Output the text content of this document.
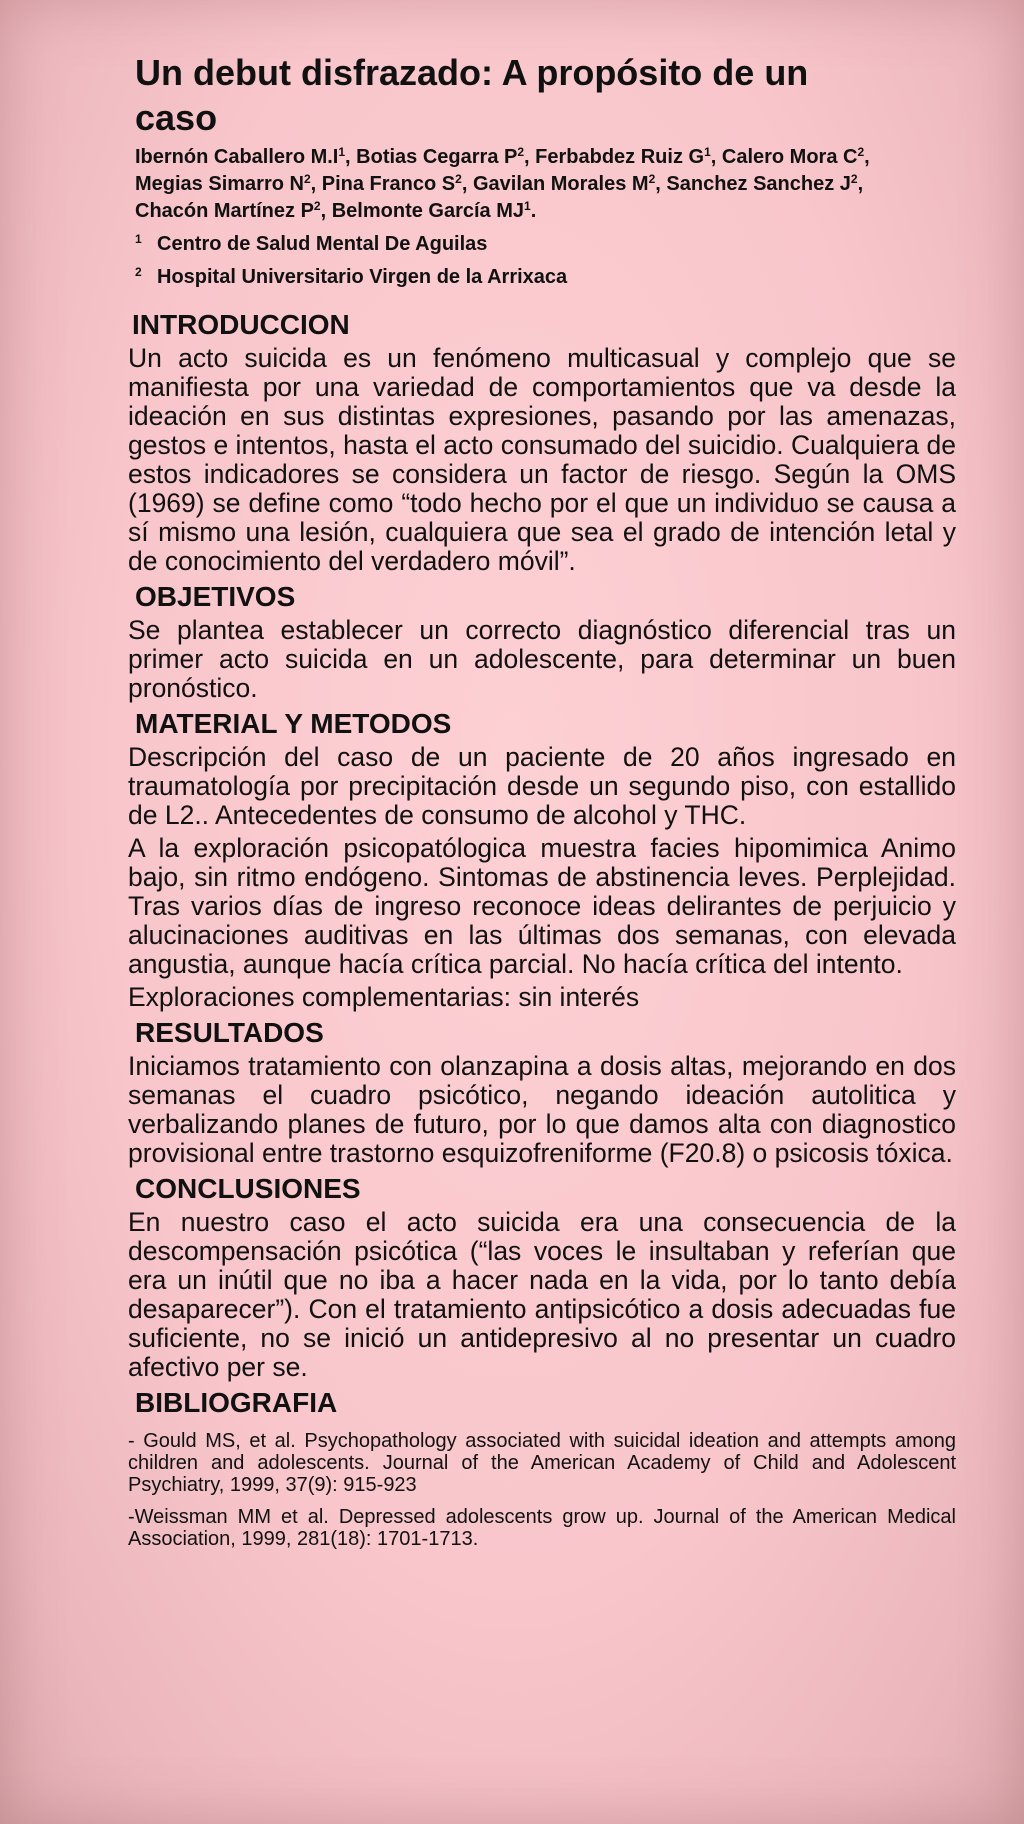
Un debut disfrazado: A propósito de un caso

Ibernón Caballero $M.I^1$, Botias Cegarra $P^2$, Ferbabdez Ruiz $G^1$, Calero Mora $C^2$, Megias Simarro $N^2$, Pina Franco $S^2$, Gavilan Morales $M^2$, Sanchez Sanchez $J^2$, Chacón Martínez $P^2$, Belmonte García $MJ^1$.

1 Centro de Salud Mental De Aguilas

2 Hospital Universitario Virgen de la Arrixaca

INTRODUCCION

Un acto suicida es un fenómeno multicasual y complejo que se manifiesta por una variedad de comportamientos que va desde la ideación en sus distintas expresiones, pasando por las amenazas, gestos e intentos, hasta el acto consumado del suicidio. Cualquiera de estos indicadores se considera un factor de riesgo. Según la OMS (1969) se define como “todo hecho por el que un individuo se causa a sí mismo una lesión, cualquiera que sea el grado de intención letal y de conocimiento del verdadero móvil”.

OBJETIVOS

Se plantea establecer un correcto diagnóstico diferencial tras un primer acto suicida en un adolescente, para determinar un buen pronóstico.

MATERIAL Y METODOS

Descripción del caso de un paciente de 20 años ingresado en traumatología por precipitación desde un segundo piso, con estallido de L2.. Antecedentes de consumo de alcohol y THC.

A la exploración psicopatólogica muestra facies hipomimica Animo bajo, sin ritmo endógeno. Sintomas de abstinencia leves. Perplejidad. Tras varios días de ingreso reconoce ideas delirantes de perjuicio y alucinaciones auditivas en las últimas dos semanas, con elevada angustia, aunque hacía crítica parcial. No hacía crítica del intento.

Exploraciones complementarias: sin interés

RESULTADOS

Iniciamos tratamiento con olanzapina a dosis altas, mejorando en dos semanas el cuadro psicótico, negando ideación autolitica y verbalizando planes de futuro, por lo que damos alta con diagnostico provisional entre trastorno esquizofreniforme (F20.8) o psicosis tóxica.

CONCLUSIONES

En nuestro caso el acto suicida era una consecuencia de la descompensación psicótica (“las voces le insultaban y referían que era un inútil que no iba a hacer nada en la vida, por lo tanto debía desaparecer”). Con el tratamiento antipsicótico a dosis adecuadas fue suficiente, no se inició un antidepresivo al no presentar un cuadro afectivo per se.

BIBLIOGRAFIA

- Gould MS, et al. Psychopathology associated with suicidal ideation and attempts among children and adolescents. Journal of the American Academy of Child and Adolescent Psychiatry, 1999, 37(9): 915-923

-Weissman MM et al. Depressed adolescents grow up. Journal of the American Medical Association, 1999, 281(18): 1701-1713.
